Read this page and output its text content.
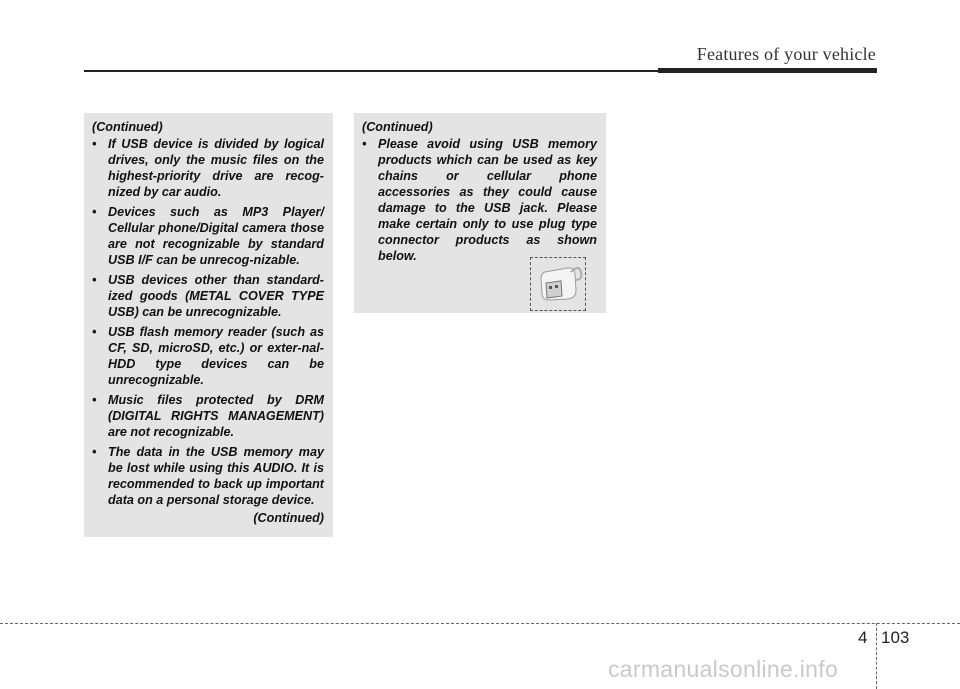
Features of your vehicle
(Continued)
• If USB device is divided by logical drives, only the music files on the highest-priority drive are recog-nized by car audio.
• Devices such as MP3 Player/ Cellular phone/Digital camera those are not recognizable by standard USB I/F can be unrecog-nizable.
• USB devices other than standard-ized goods (METAL COVER TYPE USB) can be unrecognizable.
• USB flash memory reader (such as CF, SD, microSD, etc.) or exter-nal-HDD type devices can be unrecognizable.
• Music files protected by DRM (DIGITAL RIGHTS MANAGEMENT) are not recognizable.
• The data in the USB memory may be lost while using this AUDIO. It is recommended to back up important data on a personal storage device.
(Continued)
(Continued)
• Please avoid using USB memory products which can be used as key chains or cellular phone accessories as they could cause damage to the USB jack. Please make certain only to use plug type connector products as shown below.
4 103
carmanualsonline.info
